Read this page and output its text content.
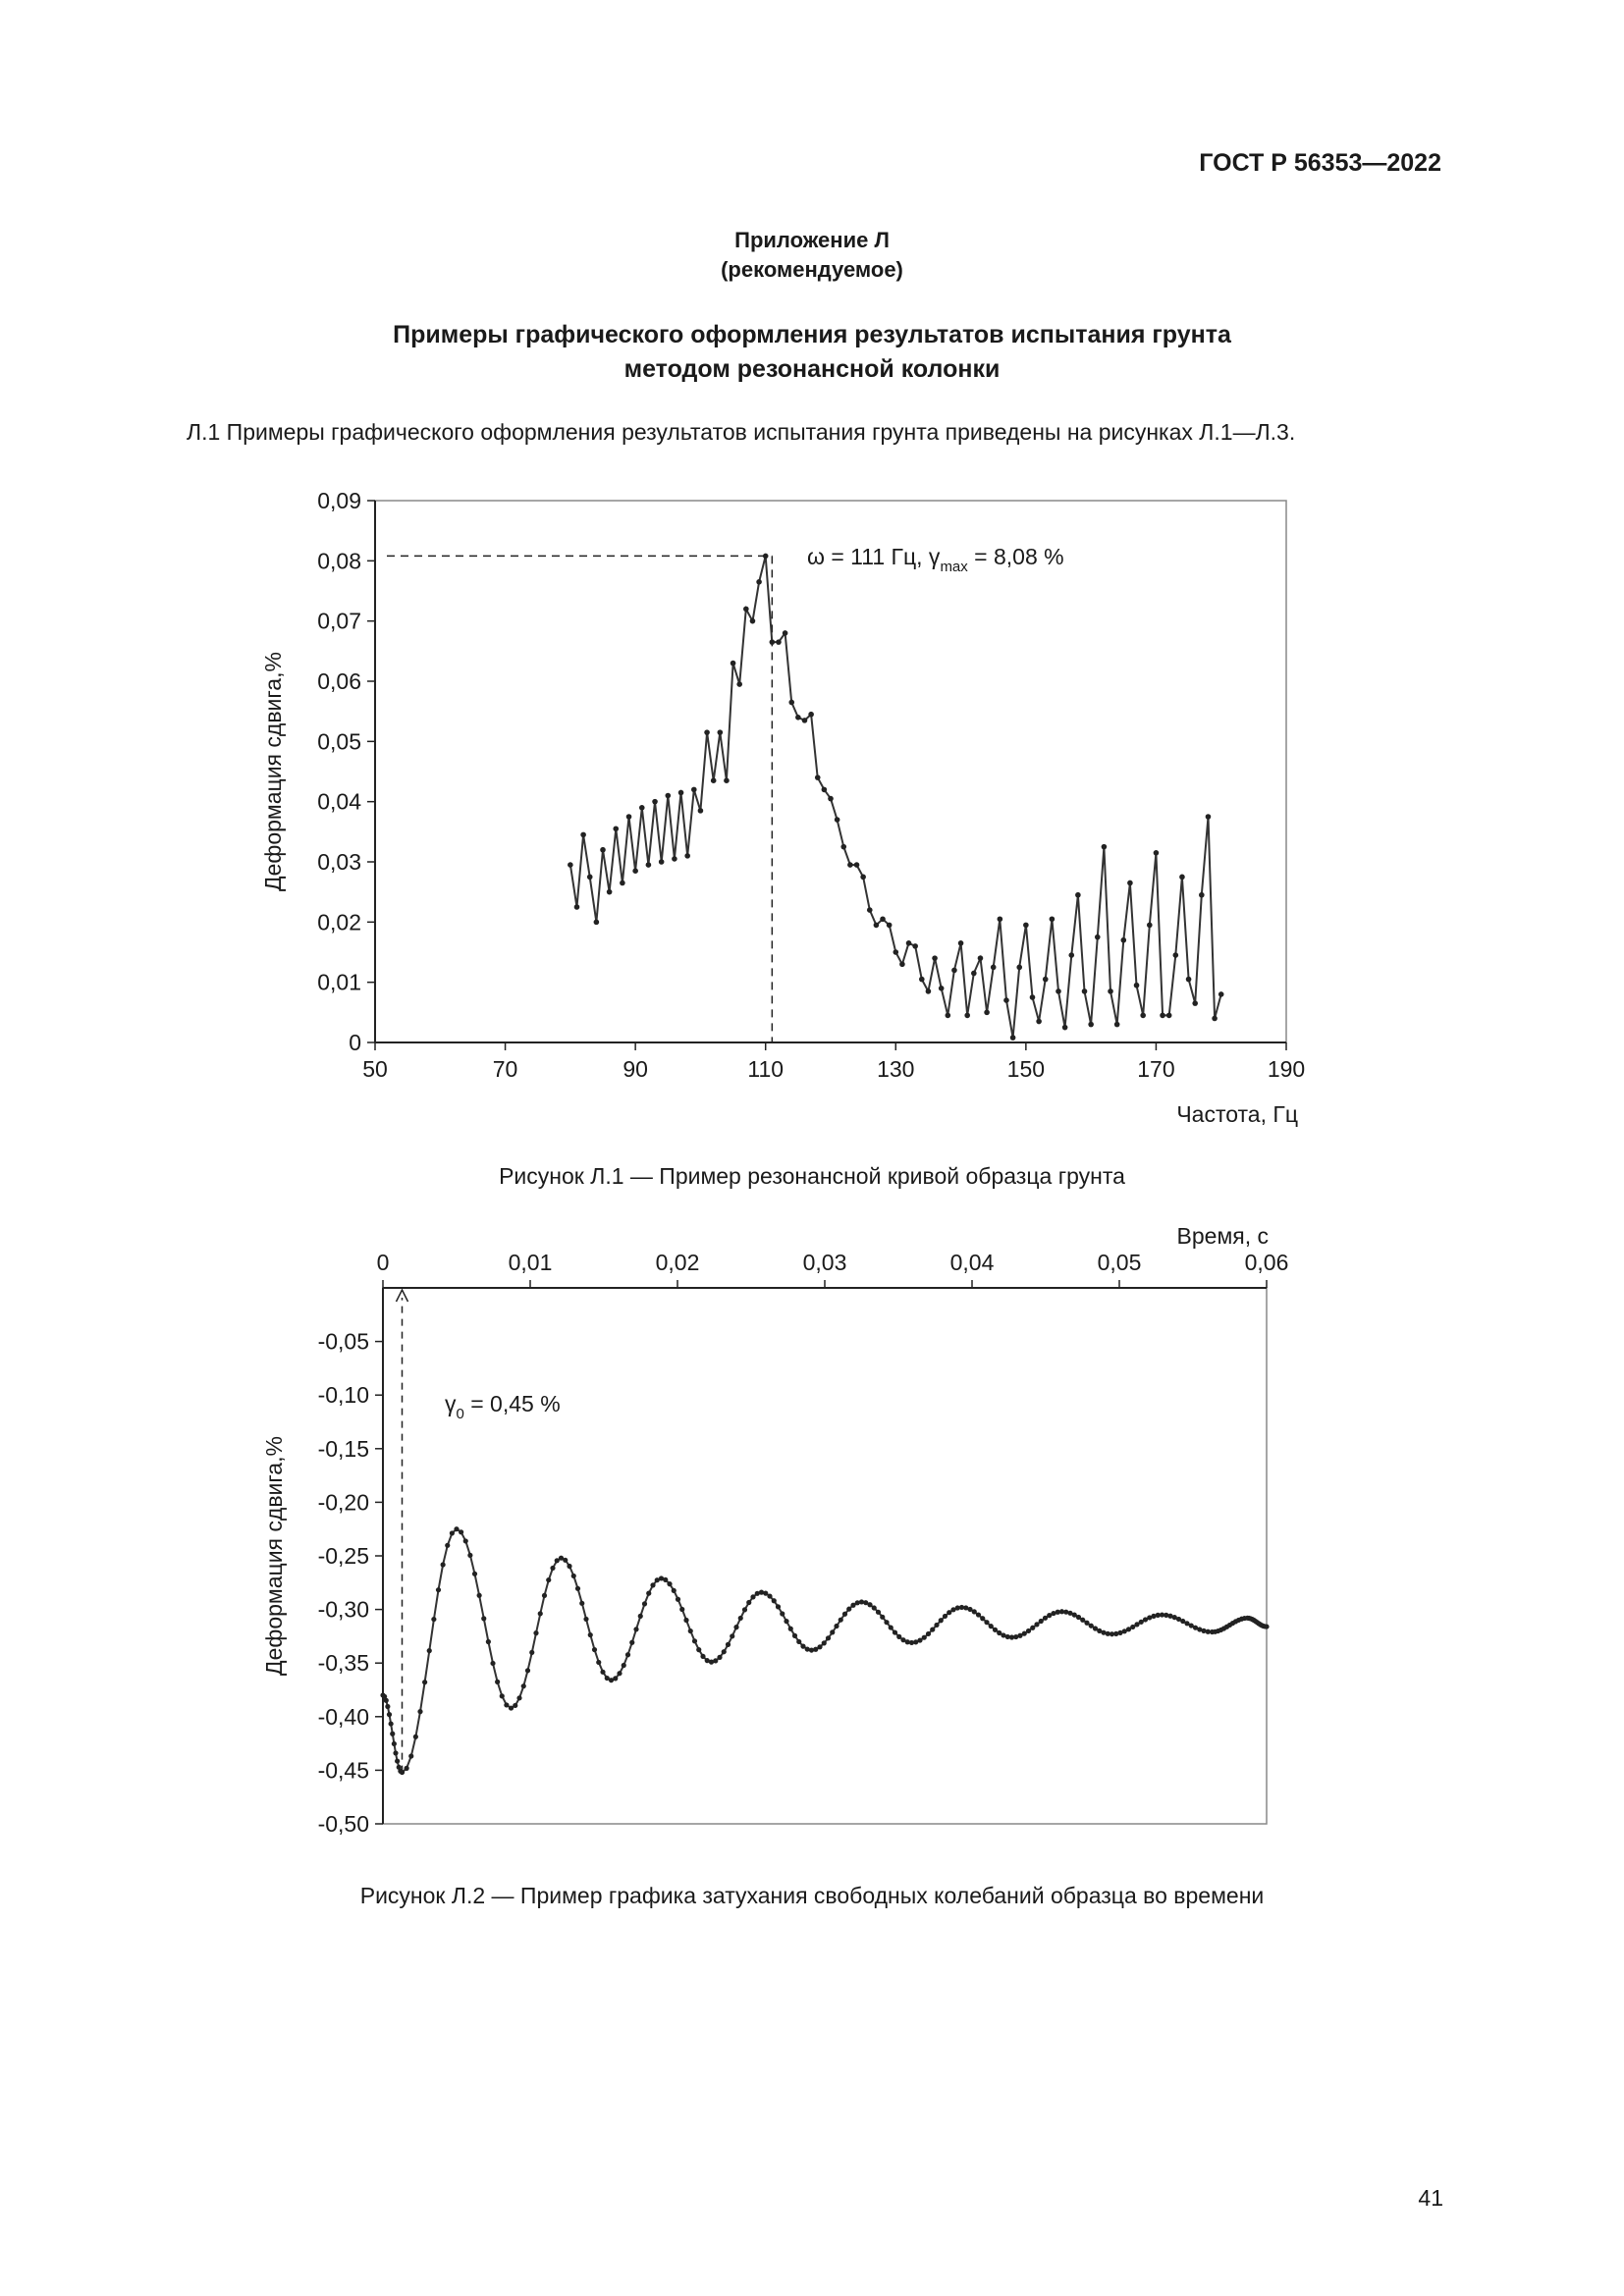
ГОСТ Р 56353—2022
Приложение Л
(рекомендуемое)
Примеры графического оформления результатов испытания грунта
методом резонансной колонки
Л.1 Примеры графического оформления результатов испытания грунта приведены на рисунках Л.1—Л.3.
0
0,01
0,02
0,03
0,04
0,05
0,06
0,07
0,08
0,09
50	70	90	110	130	150	170	190
Частота, Гц
Деформация сдвига,%
ω = 111 Гц, $\gamma_{max} = 8,08$ %
Рисунок Л.1 — Пример резонансной кривой образца грунта
-0,05
-0,10
-0,15
-0,20
-0,25
-0,30
-0,35
-0,40
-0,45
-0,50
0	0,01	0,02	0,03	0,04	0,05	0,06
Время, с
Деформация сдвига,%
$\gamma_0 = 0,45$ %
Рисунок Л.2 — Пример графика затухания свободных колебаний образца во времени
41
